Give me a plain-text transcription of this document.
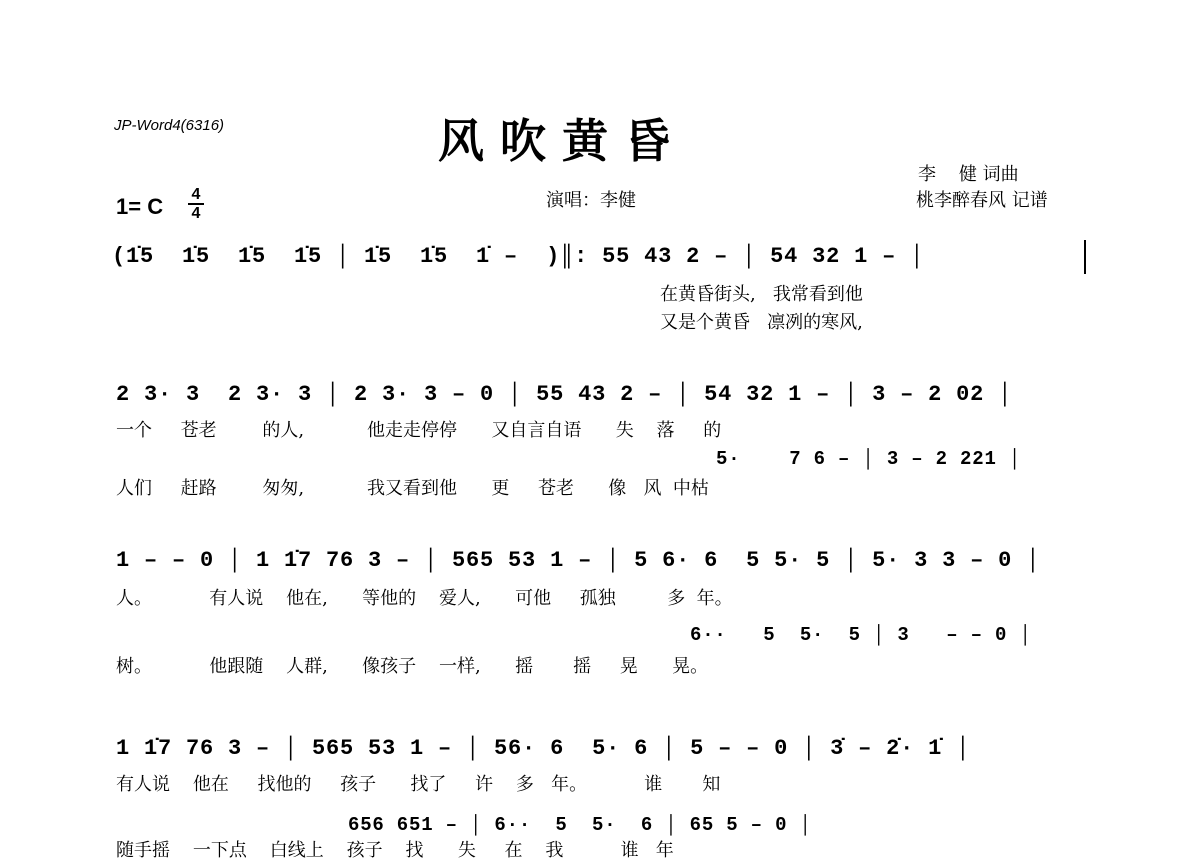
JP-Word4(6316)	风 吹 黄 昏
李    健 词曲
桃李醉春风 记谱
演唱：李健
1= C	4
4
(1̇5  1̇5  1̇5  1̇5 │ 1̇5  1̇5  1̇ –  )║: 55 43 2 – │ 54 32 1 – │
在黄昏街头,   我常看到他
又是个黄昏   凛冽的寒风,
2 3· 3  2 3· 3 │ 2 3· 3 – 0 │ 55 43 2 – │ 54 32 1 – │ 3 – 2 02 │
一个     苍老        的人,           他走走停停      又自言自语      失    落     的
5·    7 6 – │ 3 – 2 221 │
人们     赶路        匆匆,           我又看到他      更     苍老      像   风  中枯
1 – – 0 │ 1 1̇7 76 3 – │ 565 53 1 – │ 5 6· 6  5 5· 5 │ 5· 3 3 – 0 │
人。          有人说    他在,      等他的    爱人,      可他     孤独         多  年。
6··   5  5·  5 │ 3   – – 0 │
树。          他跟随    人群,      像孩子    一样,      摇       摇     晃      晃。
1 1̇7 76 3 – │ 565 53 1 – │ 56· 6  5· 6 │ 5 – – 0 │ 3̇ – 2̇· 1̇ │
有人说    他在     找他的     孩子      找了     许    多   年。          谁       知
656 651 – │ 6··  5  5·  6 │ 65 5 – 0 │
随手摇    一下点    白线上    孩子    找      失     在    我          谁   年
